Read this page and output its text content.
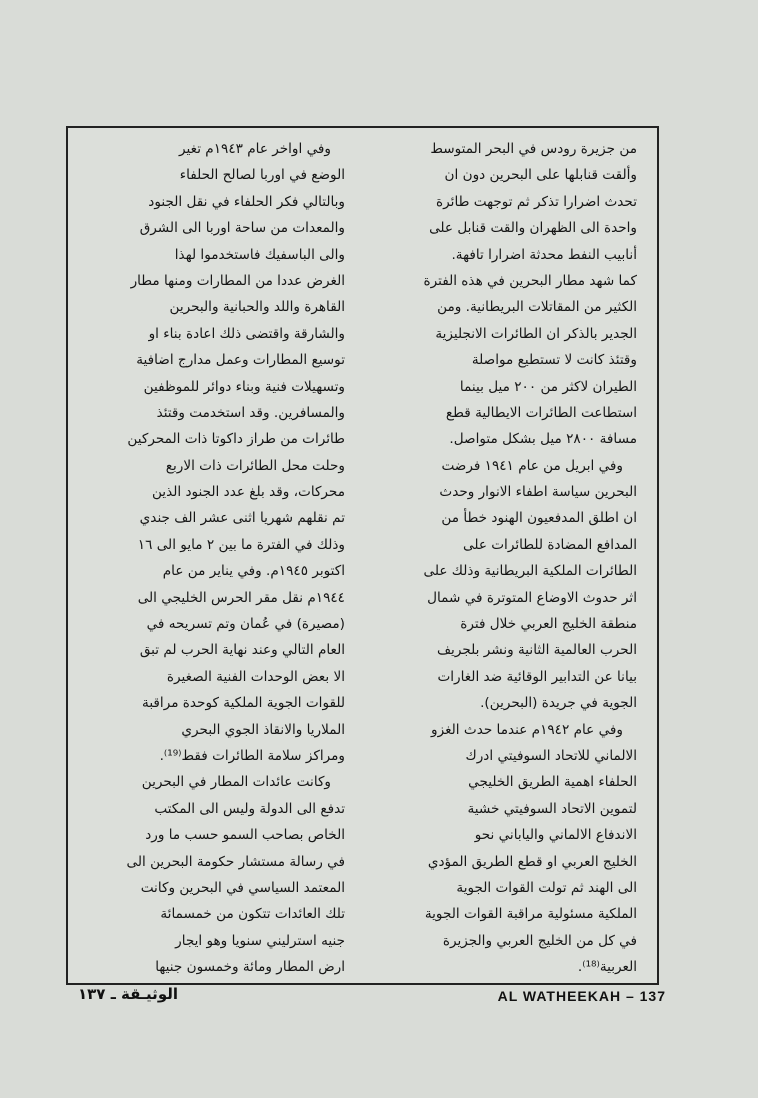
من جزيرة رودس في البحر المتوسط
وألقت قنابلها على البحرين دون ان
تحدث اضرارا تذكر ثم توجهت طائرة
واحدة الى الظهران والقت قنابل على
أنابيب النفط محدثة اضرارا تافهة.
كما شهد مطار البحرين في هذه الفترة
الكثير من المقاتلات البريطانية. ومن
الجدير بالذكر ان الطائرات الانجليزية
وقتئذ كانت لا تستطيع مواصلة
الطيران لاكثر من ٢٠٠ ميل بينما
استطاعت الطائرات الايطالية قطع
مسافة ٢٨٠٠ ميل بشكل متواصل.
وفي ابريل من عام ١٩٤١ فرضت
البحرين سياسة اطفاء الانوار وحدث
ان اطلق المدفعيون الهنود خطأ من
المدافع المضادة للطائرات على
الطائرات الملكية البريطانية وذلك على
اثر حدوث الاوضاع المتوترة في شمال
منطقة الخليج العربي خلال فترة
الحرب العالمية الثانية ونشر بلجريف
بيانا عن التدابير الوقائية ضد الغارات
الجوية في جريدة (البحرين).
وفي عام ١٩٤٢م عندما حدث الغزو
الالماني للاتحاد السوفيتي ادرك
الحلفاء اهمية الطريق الخليجي
لتموين الاتحاد السوفيتي خشية
الاندفاع الالماني والياباني نحو
الخليج العربي او قطع الطريق المؤدي
الى الهند ثم تولت القوات الجوية
الملكية مسئولية مراقبة القوات الجوية
في كل من الخليج العربي والجزيرة
العربية⁽¹⁸⁾.
وفي اواخر عام ١٩٤٣م تغير
الوضع في اوربا لصالح الحلفاء
وبالتالي فكر الحلفاء في نقل الجنود
والمعدات من ساحة اوربا الى الشرق
والى الباسفيك فاستخدموا لهذا
الغرض عددا من المطارات ومنها مطار
القاهرة واللد والحبانية والبحرين
والشارقة واقتضى ذلك اعادة بناء او
توسيع المطارات وعمل مدارج اضافية
وتسهيلات فنية وبناء دوائر للموظفين
والمسافرين. وقد استخدمت وقتئذ
طائرات من طراز داكوتا ذات المحركين
وحلت محل الطائرات ذات الاربع
محركات، وقد بلغ عدد الجنود الذين
تم نقلهم شهريا اثنى عشر الف جندي
وذلك في الفترة ما بين ٢ مايو الى ١٦
اكتوبر ١٩٤٥م. وفي يناير من عام
١٩٤٤م نقل مقر الحرس الخليجي الى
(مصيرة) في عُمان وتم تسريحه في
العام التالي وعند نهاية الحرب لم تبق
الا بعض الوحدات الفنية الصغيرة
للقوات الجوية الملكية كوحدة مراقبة
الملاريا والانقاذ الجوي البحري
ومراكز سلامة الطائرات فقط⁽¹⁹⁾.
وكانت عائدات المطار في البحرين
تدفع الى الدولة وليس الى المكتب
الخاص بصاحب السمو حسب ما ورد
في رسالة مستشار حكومة البحرين الى
المعتمد السياسي في البحرين وكانت
تلك العائدات تتكون من خمسمائة
جنيه استرليني سنويا وهو ايجار
ارض المطار ومائة وخمسون جنيها
الوثيـقة ـ ١٣٧	AL WATHEEKAH – 137
